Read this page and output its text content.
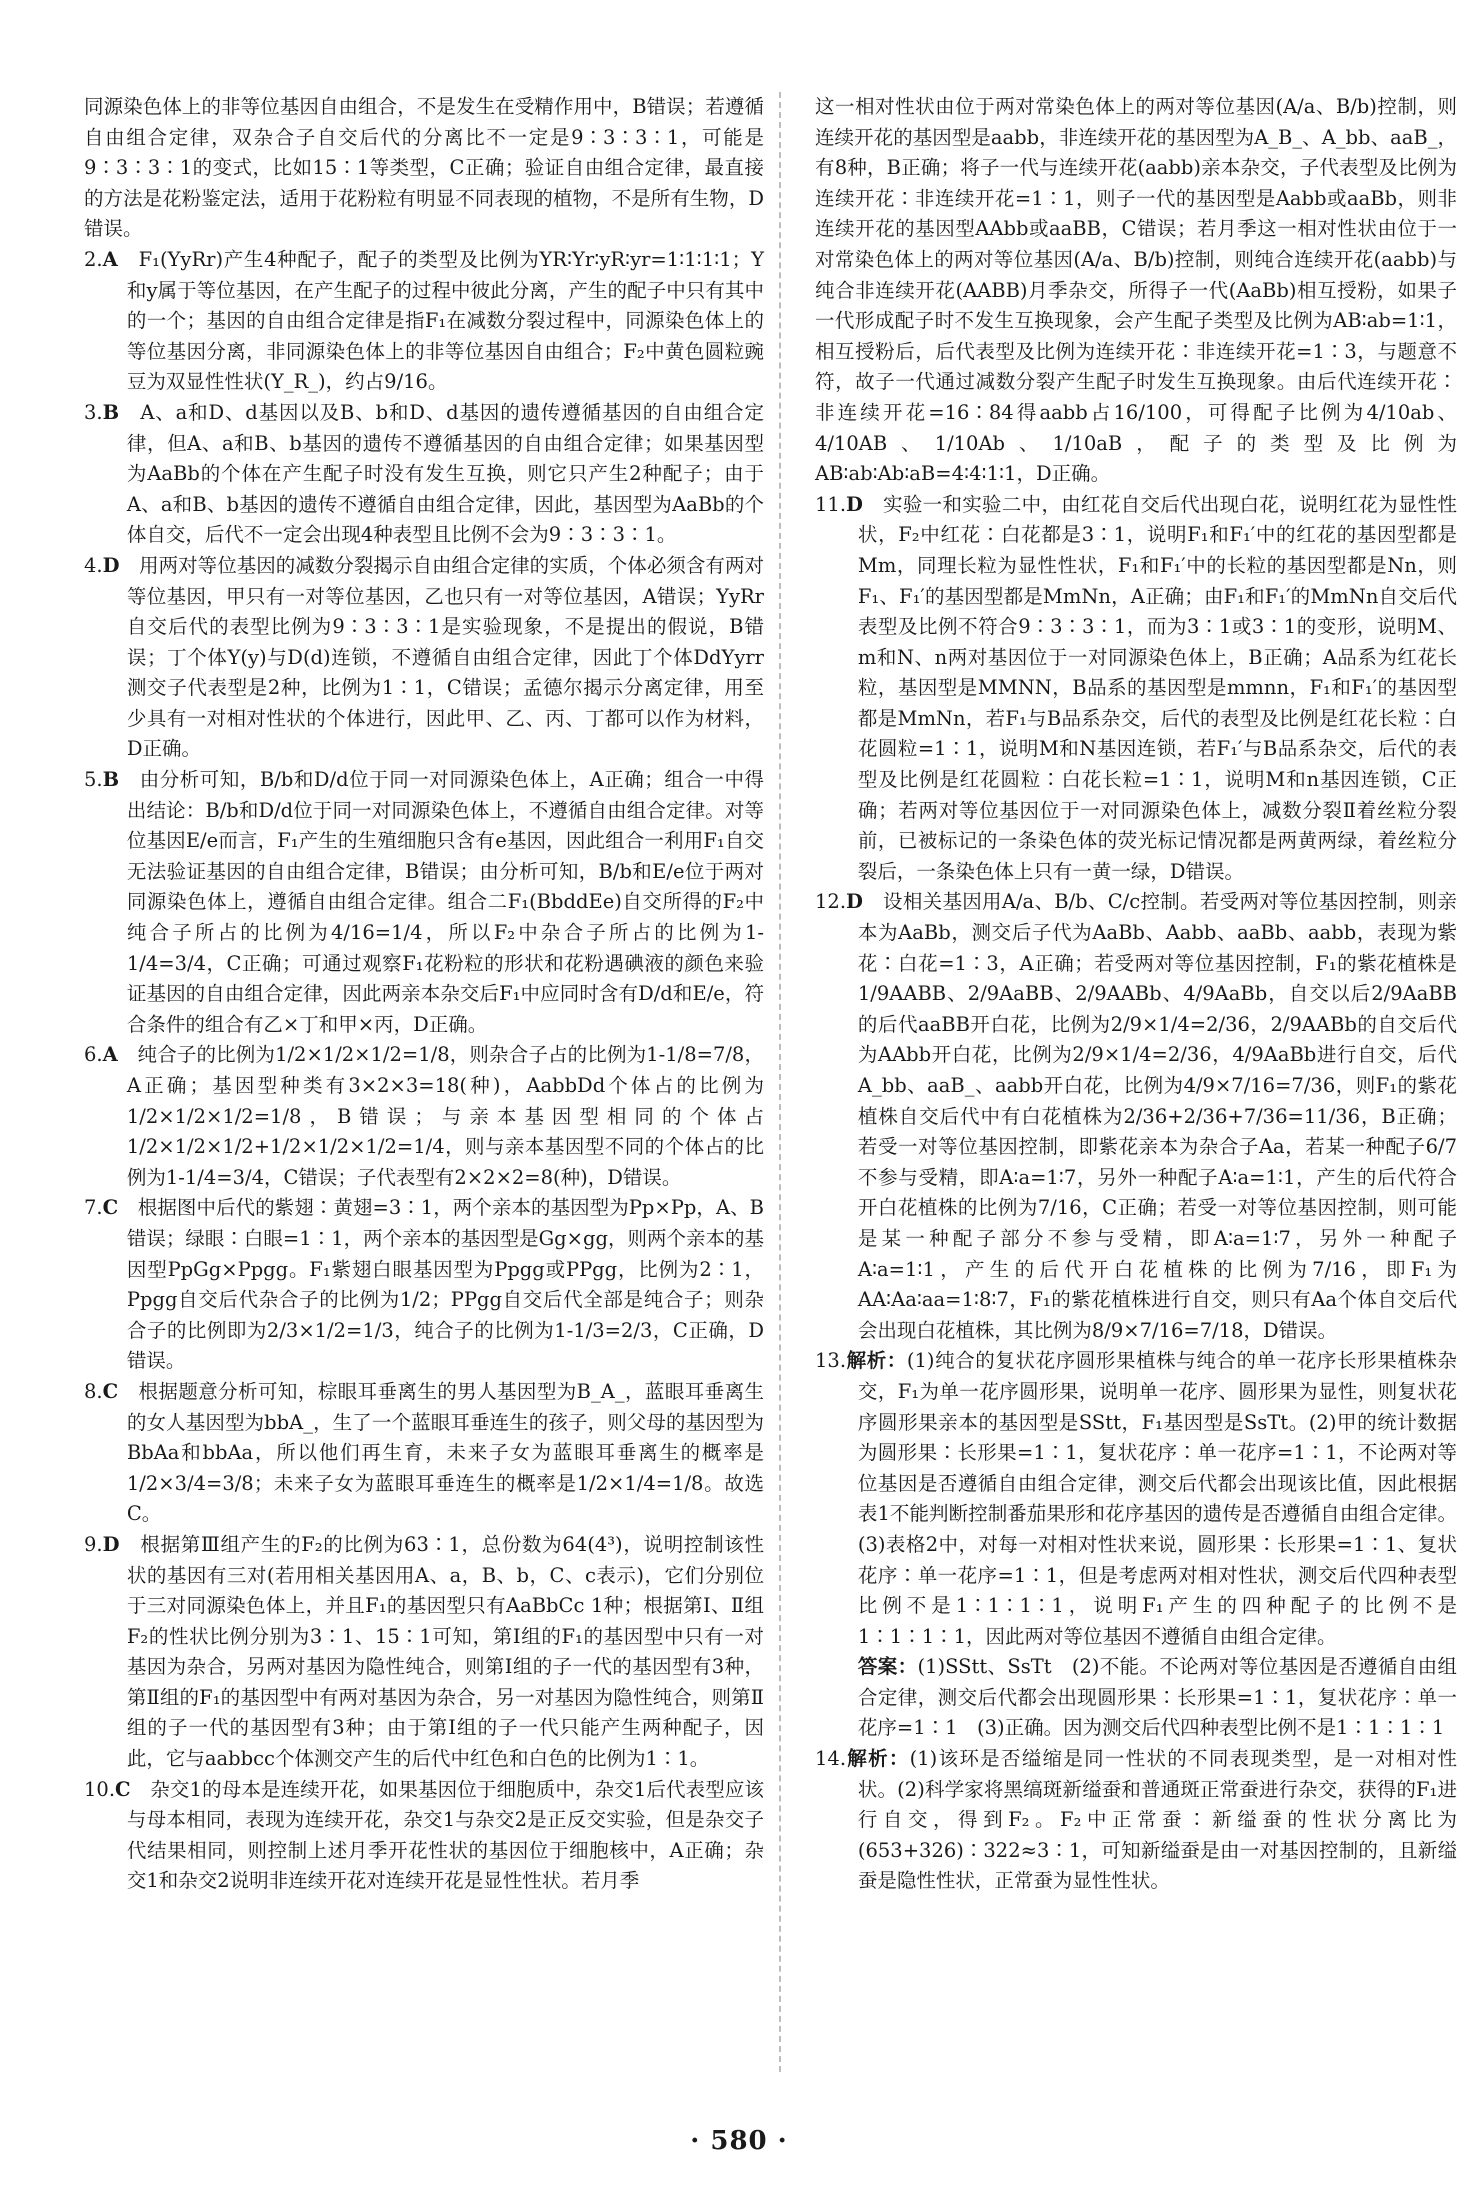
同源染色体上的非等位基因自由组合，不是发生在受精作用中，B错误；若遵循自由组合定律，双杂合子自交后代的分离比不一定是9∶3∶3∶1，可能是9∶3∶3∶1的变式，比如15∶1等类型，C正确；验证自由组合定律，最直接的方法是花粉鉴定法，适用于花粉粒有明显不同表现的植物，不是所有生物，D错误。

2.A　 F₁(YyRr)产生4种配子，配子的类型及比例为YR∶Yr∶yR∶yr=1∶1∶1∶1；Y和y属于等位基因，在产生配子的过程中彼此分离，产生的配子中只有其中的一个；基因的自由组合定律是指F₁在减数分裂过程中，同源染色体上的等位基因分离，非同源染色体上的非等位基因自由组合；F₂中黄色圆粒豌豆为双显性性状(Y_R_)，约占9/16。

3.B　 A、a和D、d基因以及B、b和D、d基因的遗传遵循基因的自由组合定律，但A、a和B、b基因的遗传不遵循基因的自由组合定律；如果基因型为AaBb的个体在产生配子时没有发生互换，则它只产生2种配子；由于A、a和B、b基因的遗传不遵循自由组合定律，因此，基因型为AaBb的个体自交，后代不一定会出现4种表型且比例不会为9∶3∶3∶1。

4.D　 用两对等位基因的减数分裂揭示自由组合定律的实质，个体必须含有两对等位基因，甲只有一对等位基因，乙也只有一对等位基因，A错误；YyRr自交后代的表型比例为9∶3∶3∶1是实验现象，不是提出的假说，B错误；丁个体Y(y)与D(d)连锁，不遵循自由组合定律，因此丁个体DdYyrr测交子代表型是2种，比例为1∶1，C错误；孟德尔揭示分离定律，用至少具有一对相对性状的个体进行，因此甲、乙、丙、丁都可以作为材料，D正确。

5.B　 由分析可知，B/b和D/d位于同一对同源染色体上，A正确；组合一中得出结论：B/b和D/d位于同一对同源染色体上，不遵循自由组合定律。对等位基因E/e而言，F₁产生的生殖细胞只含有e基因，因此组合一利用F₁自交无法验证基因的自由组合定律，B错误；由分析可知，B/b和E/e位于两对同源染色体上，遵循自由组合定律。组合二F₁(BbddEe)自交所得的F₂中纯合子所占的比例为4/16=1/4，所以F₂中杂合子所占的比例为1-1/4=3/4，C正确；可通过观察F₁花粉粒的形状和花粉遇碘液的颜色来验证基因的自由组合定律，因此两亲本杂交后F₁中应同时含有D/d和E/e，符合条件的组合有乙×丁和甲×丙，D正确。

6.A　 纯合子的比例为1/2×1/2×1/2=1/8，则杂合子占的比例为1-1/8=7/8，A正确；基因型种类有3×2×3=18(种)，AabbDd个体占的比例为1/2×1/2×1/2=1/8，B错误；与亲本基因型相同的个体占1/2×1/2×1/2+1/2×1/2×1/2=1/4，则与亲本基因型不同的个体占的比例为1-1/4=3/4，C错误；子代表型有2×2×2=8(种)，D错误。

7.C　 根据图中后代的紫翅∶黄翅=3∶1，两个亲本的基因型为Pp×Pp，A、B错误；绿眼∶白眼=1∶1，两个亲本的基因型是Gg×gg，则两个亲本的基因型PpGg×Ppgg。F₁紫翅白眼基因型为Ppgg或PPgg，比例为2∶1，Ppgg自交后代杂合子的比例为1/2；PPgg自交后代全部是纯合子；则杂合子的比例即为2/3×1/2=1/3，纯合子的比例为1-1/3=2/3，C正确，D错误。

8.C　 根据题意分析可知，棕眼耳垂离生的男人基因型为B_A_，蓝眼耳垂离生的女人基因型为bbA_，生了一个蓝眼耳垂连生的孩子，则父母的基因型为BbAa和bbAa，所以他们再生育，未来子女为蓝眼耳垂离生的概率是1/2×3/4=3/8；未来子女为蓝眼耳垂连生的概率是1/2×1/4=1/8。故选C。

9.D　 根据第Ⅲ组产生的F₂的比例为63∶1，总份数为64(4³)，说明控制该性状的基因有三对(若用相关基因用A、a，B、b，C、c表示)，它们分别位于三对同源染色体上，并且F₁的基因型只有AaBbCc 1种；根据第Ⅰ、Ⅱ组F₂的性状比例分别为3∶1、15∶1可知，第Ⅰ组的F₁的基因型中只有一对基因为杂合，另两对基因为隐性纯合，则第Ⅰ组的子一代的基因型有3种，第Ⅱ组的F₁的基因型中有两对基因为杂合，另一对基因为隐性纯合，则第Ⅱ组的子一代的基因型有3种；由于第Ⅰ组的子一代只能产生两种配子，因此，它与aabbcc个体测交产生的后代中红色和白色的比例为1∶1。

10.C　 杂交1的母本是连续开花，如果基因位于细胞质中，杂交1后代表型应该与母本相同，表现为连续开花，杂交1与杂交2是正反交实验，但是杂交子代结果相同，则控制上述月季开花性状的基因位于细胞核中，A正确；杂交1和杂交2说明非连续开花对连续开花是显性性状。若月季

这一相对性状由位于两对常染色体上的两对等位基因(A/a、B/b)控制，则连续开花的基因型是aabb，非连续开花的基因型为A_B_、A_bb、aaB_，有8种，B正确；将子一代与连续开花(aabb)亲本杂交，子代表型及比例为连续开花∶非连续开花=1∶1，则子一代的基因型是Aabb或aaBb，则非连续开花的基因型AAbb或aaBB，C错误；若月季这一相对性状由位于一对常染色体上的两对等位基因(A/a、B/b)控制，则纯合连续开花(aabb)与纯合非连续开花(AABB)月季杂交，所得子一代(AaBb)相互授粉，如果子一代形成配子时不发生互换现象，会产生配子类型及比例为AB∶ab=1∶1，相互授粉后，后代表型及比例为连续开花∶非连续开花=1∶3，与题意不符，故子一代通过减数分裂产生配子时发生互换现象。由后代连续开花∶非连续开花=16∶84得aabb占16/100，可得配子比例为4/10ab、4/10AB、1/10Ab、1/10aB，配子的类型及比例为AB∶ab∶Ab∶aB=4∶4∶1∶1，D正确。

11.D　 实验一和实验二中，由红花自交后代出现白花，说明红花为显性性状，F₂中红花∶白花都是3∶1，说明F₁和F₁′中的红花的基因型都是Mm，同理长粒为显性性状，F₁和F₁′中的长粒的基因型都是Nn，则F₁、F₁′的基因型都是MmNn，A正确；由F₁和F₁′的MmNn自交后代表型及比例不符合9∶3∶3∶1，而为3∶1或3∶1的变形，说明M、m和N、n两对基因位于一对同源染色体上，B正确；A品系为红花长粒，基因型是MMNN，B品系的基因型是mmnn，F₁和F₁′的基因型都是MmNn，若F₁与B品系杂交，后代的表型及比例是红花长粒∶白花圆粒=1∶1，说明M和N基因连锁，若F₁′与B品系杂交，后代的表型及比例是红花圆粒∶白花长粒=1∶1，说明M和n基因连锁，C正确；若两对等位基因位于一对同源染色体上，减数分裂Ⅱ着丝粒分裂前，已被标记的一条染色体的荧光标记情况都是两黄两绿，着丝粒分裂后，一条染色体上只有一黄一绿，D错误。

12.D　 设相关基因用A/a、B/b、C/c控制。若受两对等位基因控制，则亲本为AaBb，测交后子代为AaBb、Aabb、aaBb、aabb，表现为紫花∶白花=1∶3，A正确；若受两对等位基因控制，F₁的紫花植株是1/9AABB、2/9AaBB、2/9AABb、4/9AaBb，自交以后2/9AaBB的后代aaBB开白花，比例为2/9×1/4=2/36，2/9AABb的自交后代为AAbb开白花，比例为2/9×1/4=2/36，4/9AaBb进行自交，后代A_bb、aaB_、aabb开白花，比例为4/9×7/16=7/36，则F₁的紫花植株自交后代中有白花植株为2/36+2/36+7/36=11/36，B正确；若受一对等位基因控制，即紫花亲本为杂合子Aa，若某一种配子6/7不参与受精，即A∶a=1∶7，另外一种配子A∶a=1∶1，产生的后代符合开白花植株的比例为7/16，C正确；若受一对等位基因控制，则可能是某一种配子部分不参与受精，即A∶a=1∶7，另外一种配子A∶a=1∶1，产生的后代开白花植株的比例为7/16，即F₁为AA∶Aa∶aa=1∶8∶7，F₁的紫花植株进行自交，则只有Aa个体自交后代会出现白花植株，其比例为8/9×7/16=7/18，D错误。

13.解析：(1)纯合的复状花序圆形果植株与纯合的单一花序长形果植株杂交，F₁为单一花序圆形果，说明单一花序、圆形果为显性，则复状花序圆形果亲本的基因型是SStt，F₁基因型是SsTt。(2)甲的统计数据为圆形果∶长形果=1∶1，复状花序∶单一花序=1∶1，不论两对等位基因是否遵循自由组合定律，测交后代都会出现该比值，因此根据表1不能判断控制番茄果形和花序基因的遗传是否遵循自由组合定律。(3)表格2中，对每一对相对性状来说，圆形果∶长形果=1∶1、复状花序∶单一花序=1∶1，但是考虑两对相对性状，测交后代四种表型比例不是1∶1∶1∶1，说明F₁产生的四种配子的比例不是1∶1∶1∶1，因此两对等位基因不遵循自由组合定律。

答案：(1)SStt、SsTt　(2)不能。不论两对等位基因是否遵循自由组合定律，测交后代都会出现圆形果∶长形果=1∶1，复状花序∶单一花序=1∶1　(3)正确。因为测交后代四种表型比例不是1∶1∶1∶1

14.解析：(1)该环是否缢缩是同一性状的不同表现类型，是一对相对性状。(2)科学家将黑缟斑新缢蚕和普通斑正常蚕进行杂交，获得的F₁进行自交，得到F₂。F₂中正常蚕∶新缢蚕的性状分离比为(653+326)∶322≈3∶1，可知新缢蚕是由一对基因控制的，且新缢蚕是隐性性状，正常蚕为显性性状。

· 580 ·
